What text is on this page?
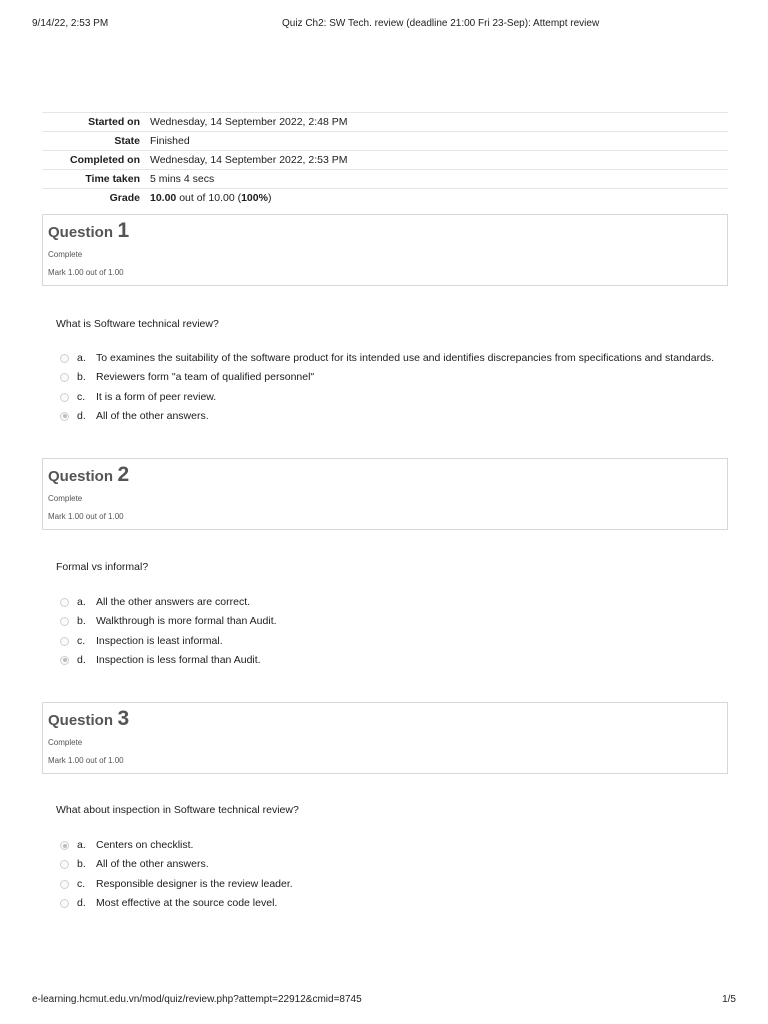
9/14/22, 2:53 PM	Quiz Ch2: SW Tech. review (deadline 21:00 Fri 23-Sep): Attempt review
Started on	Wednesday, 14 September 2022, 2:48 PM
State	Finished
Completed on	Wednesday, 14 September 2022, 2:53 PM
Time taken	5 mins 4 secs
Grade	10.00 out of 10.00 (100%)
Question 1
Complete
Mark 1.00 out of 1.00
What is Software technical review?
a. To examines the suitability of the software product for its intended use and identifies discrepancies from specifications and standards.
b. Reviewers form "a team of qualified personnel"
c. It is a form of peer review.
d. All of the other answers.
Question 2
Complete
Mark 1.00 out of 1.00
Formal vs informal?
a. All the other answers are correct.
b. Walkthrough is more formal than Audit.
c. Inspection is least informal.
d. Inspection is less formal than Audit.
Question 3
Complete
Mark 1.00 out of 1.00
What about inspection in Software technical review?
a. Centers on checklist.
b. All of the other answers.
c. Responsible designer is the review leader.
d. Most effective at the source code level.
e-learning.hcmut.edu.vn/mod/quiz/review.php?attempt=22912&cmid=8745	1/5
